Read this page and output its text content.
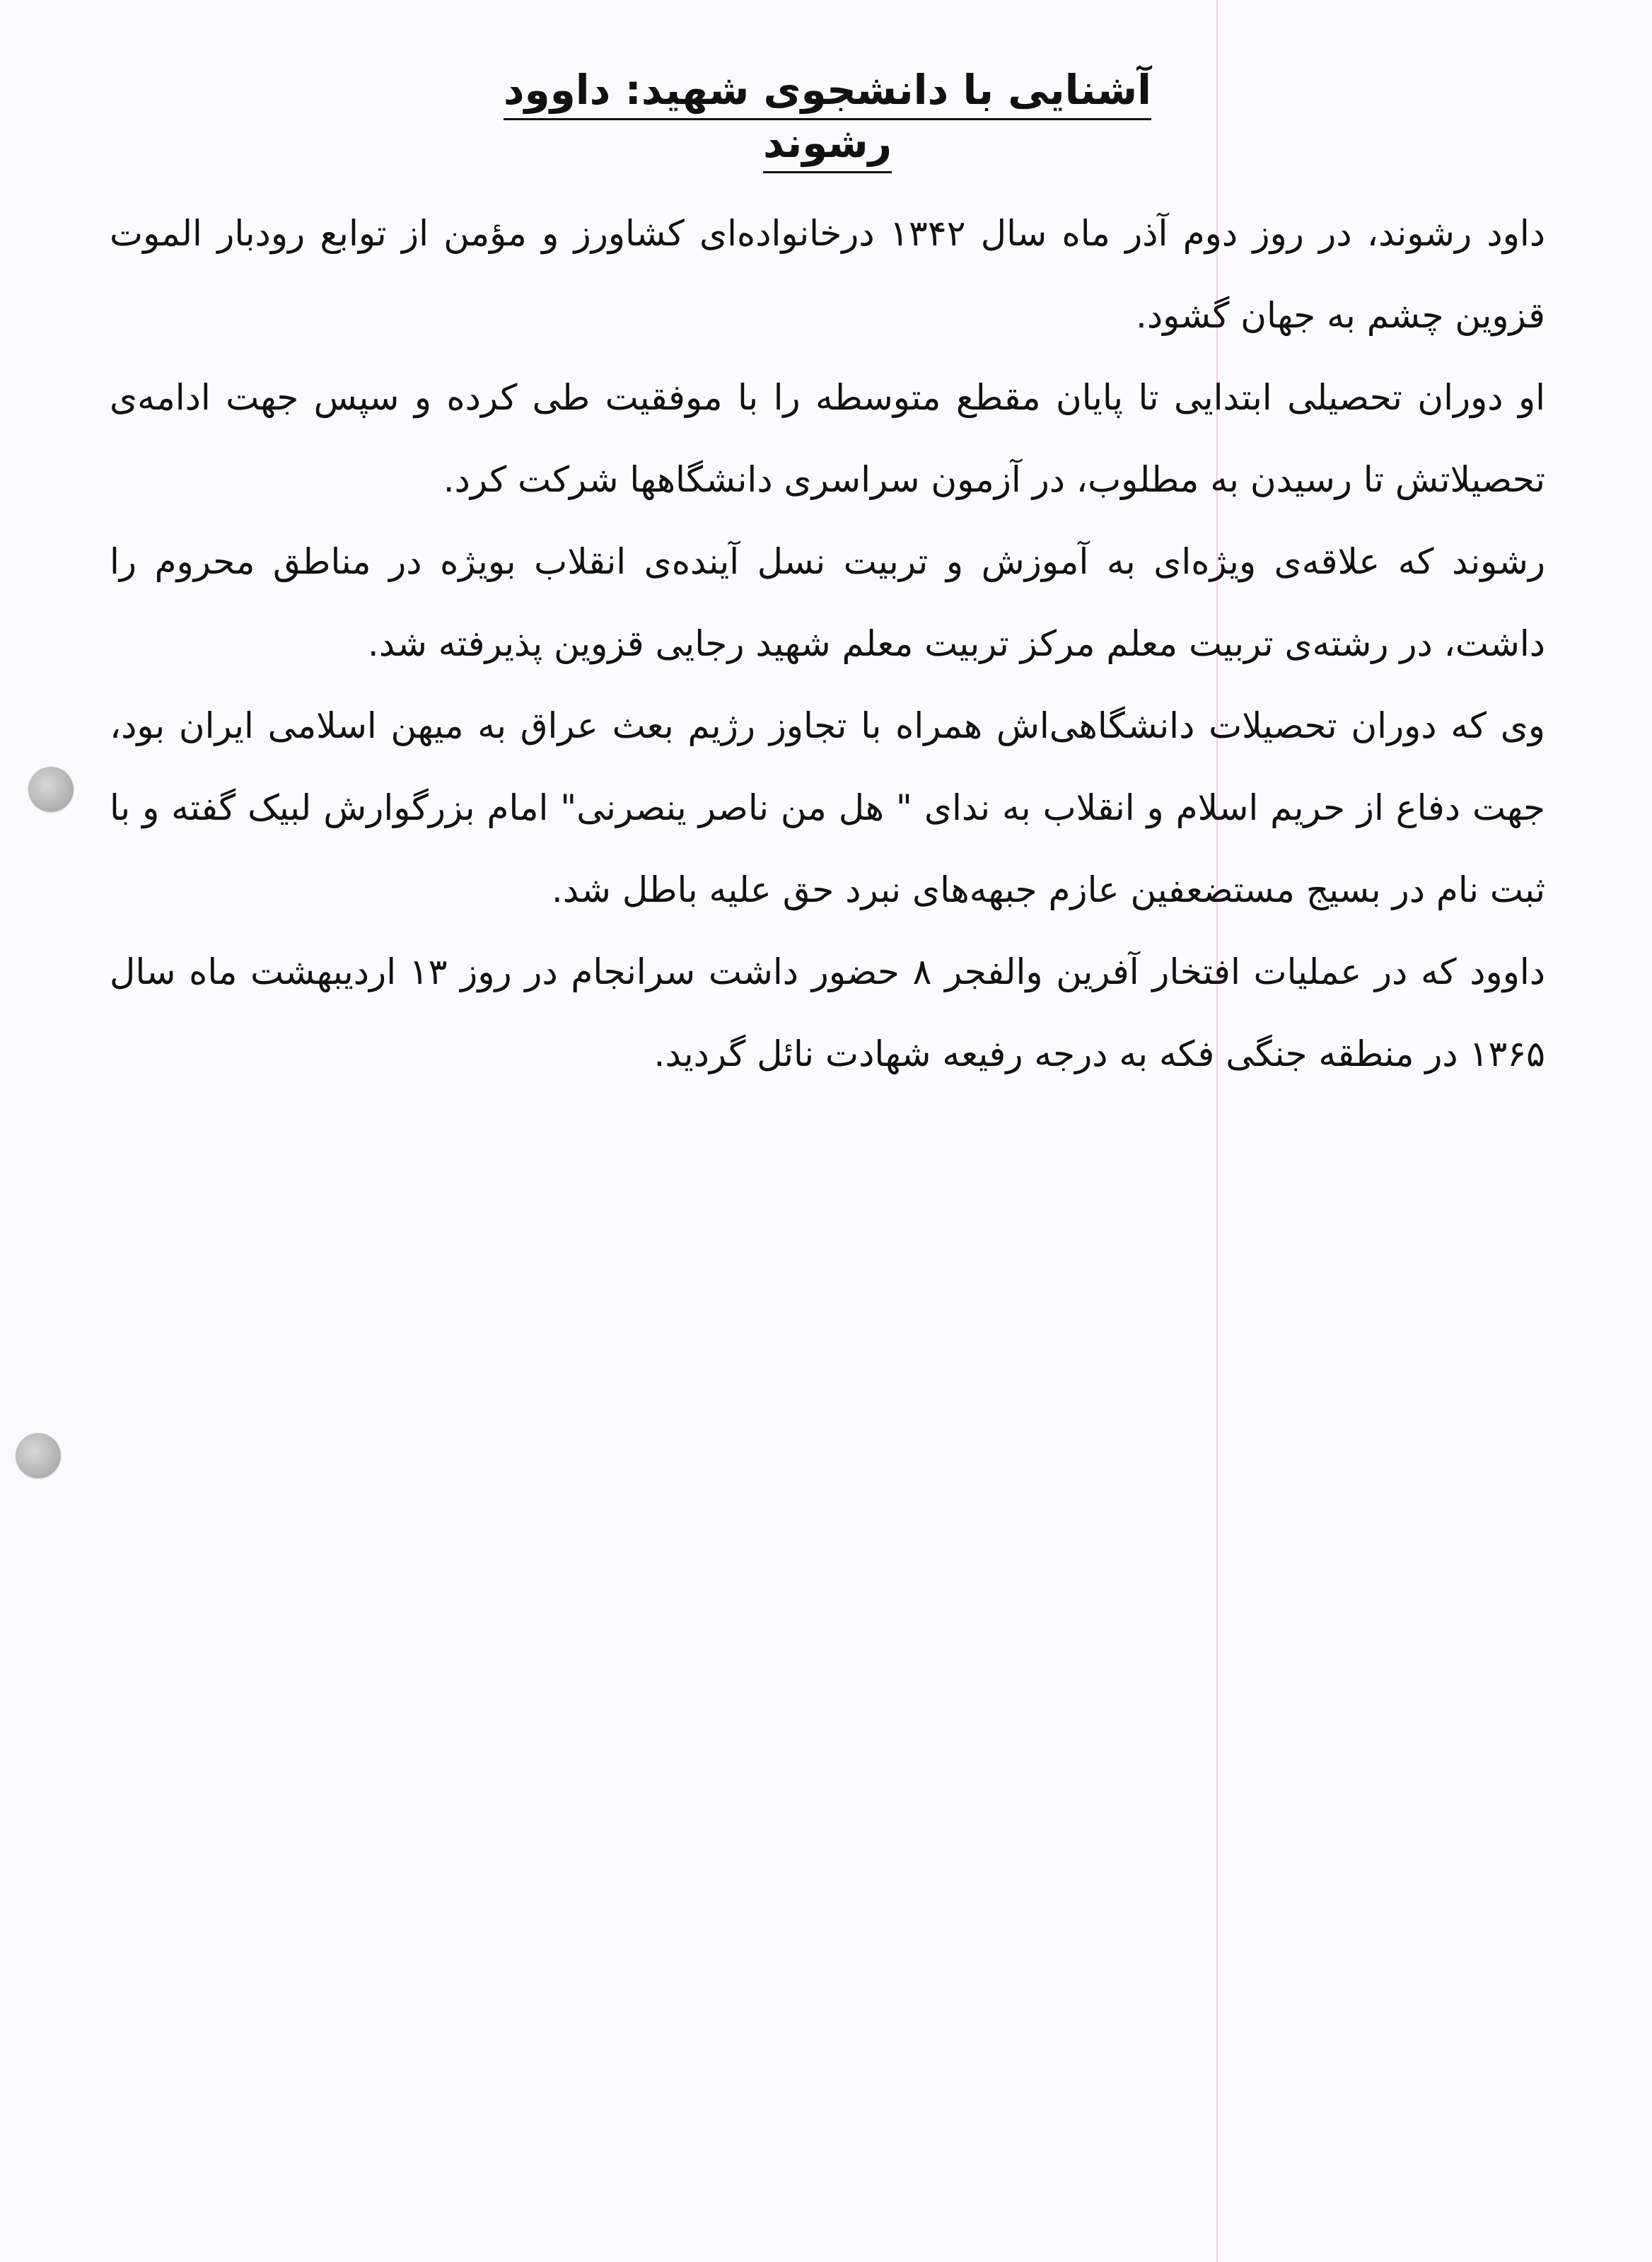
آشنایی با دانشجوی شهید: داوود رشوند

داود رشوند، در روز دوم آذر ماه سال ۱۳۴۲ درخانواده‌ای کشاورز و مؤمن از توابع رودبار الموت قزوین چشم به جهان گشود.

او دوران تحصیلی ابتدایی تا پایان مقطع متوسطه را با موفقیت طی کرده و سپس جهت ادامه‌ی تحصیلاتش تا رسیدن به مطلوب، در آزمون سراسری دانشگاهها شرکت کرد.

رشوند که علاقه‌ی ویژه‌ای به آموزش و تربیت نسل آینده‌ی انقلاب بویژه در مناطق محروم را داشت، در رشته‌ی تربیت معلم مرکز تربیت معلم شهید رجایی قزوین پذیرفته شد.

وی که دوران تحصیلات دانشگاهی‌اش همراه با تجاوز رژیم بعث عراق به میهن اسلامی ایران بود، جهت دفاع از حریم اسلام و انقلاب به ندای " هل من ناصر ینصرنی" امام بزرگوارش لبیک گفته و با ثبت نام در بسیج مستضعفین عازم جبهه‌های نبرد حق علیه باطل شد.

داوود که در عملیات افتخار آفرین والفجر ۸ حضور داشت سرانجام در روز ۱۳ اردیبهشت ماه سال ۱۳۶۵ در منطقه جنگی فکه به درجه رفیعه شهادت نائل گردید.
